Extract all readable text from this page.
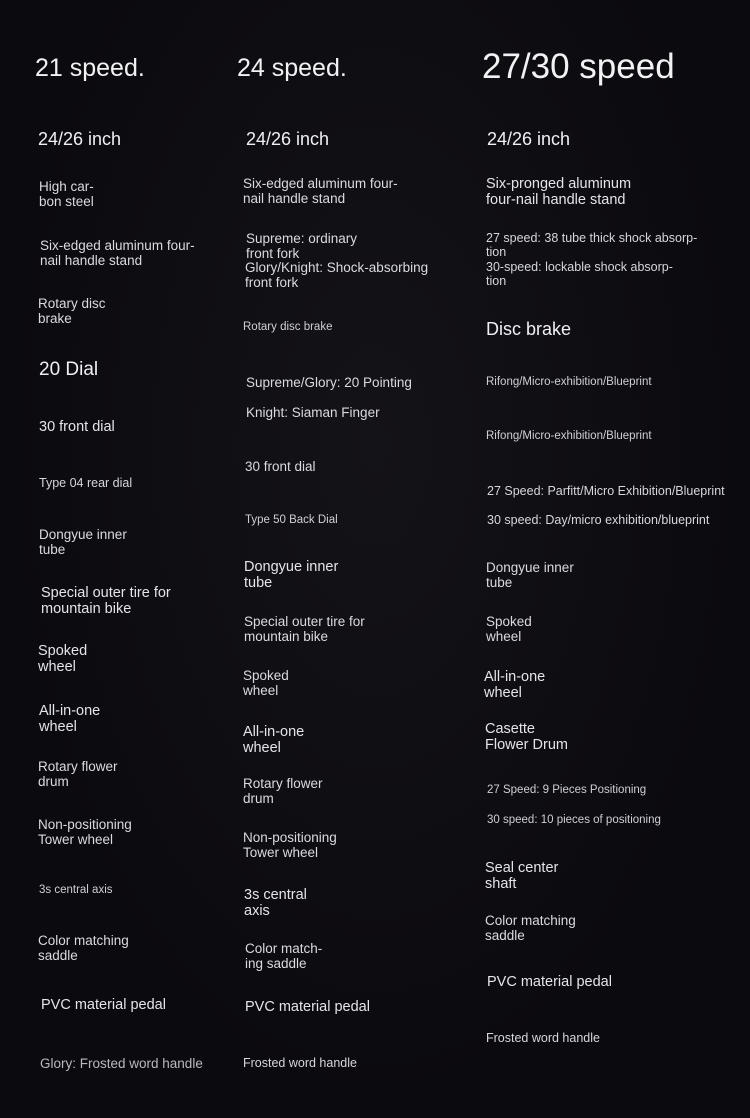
21 speed.

24/26 inch

High car-
bon steel

Six-edged aluminum four-
nail handle stand

Rotary disc
brake

20 Dial

30 front dial

Type 04 rear dial

Dongyue inner
tube

Special outer tire for
mountain bike

Spoked
wheel

All-in-one
wheel

Rotary flower
drum

Non-positioning
Tower wheel

3s central axis

Color matching
saddle

PVC material pedal

Glory: Frosted word handle

24 speed.

24/26 inch

Six-edged aluminum four-
nail handle stand

Supreme: ordinary
front fork

Glory/Knight: Shock-absorbing
front fork

Rotary disc brake

Supreme/Glory: 20 Pointing

Knight: Siaman Finger

30 front dial

Type 50 Back Dial

Dongyue inner
tube

Special outer tire for
mountain bike

Spoked
wheel

All-in-one
wheel

Rotary flower
drum

Non-positioning
Tower wheel

3s central
axis

Color match-
ing saddle

PVC material pedal

Frosted word handle

27/30 speed

24/26 inch

Six-pronged aluminum
four-nail handle stand

27 speed: 38 tube thick shock absorp-
tion

30-speed: lockable shock absorp-
tion

Disc brake

Rifong/Micro-exhibition/Blueprint

Rifong/Micro-exhibition/Blueprint

27 Speed: Parfitt/Micro Exhibition/Blueprint

30 speed: Day/micro exhibition/blueprint

Dongyue inner
tube

Spoked
wheel

All-in-one
wheel

Casette
Flower Drum

27 Speed: 9 Pieces Positioning

30 speed: 10 pieces of positioning

Seal center
shaft

Color matching
saddle

PVC material pedal

Frosted word handle
